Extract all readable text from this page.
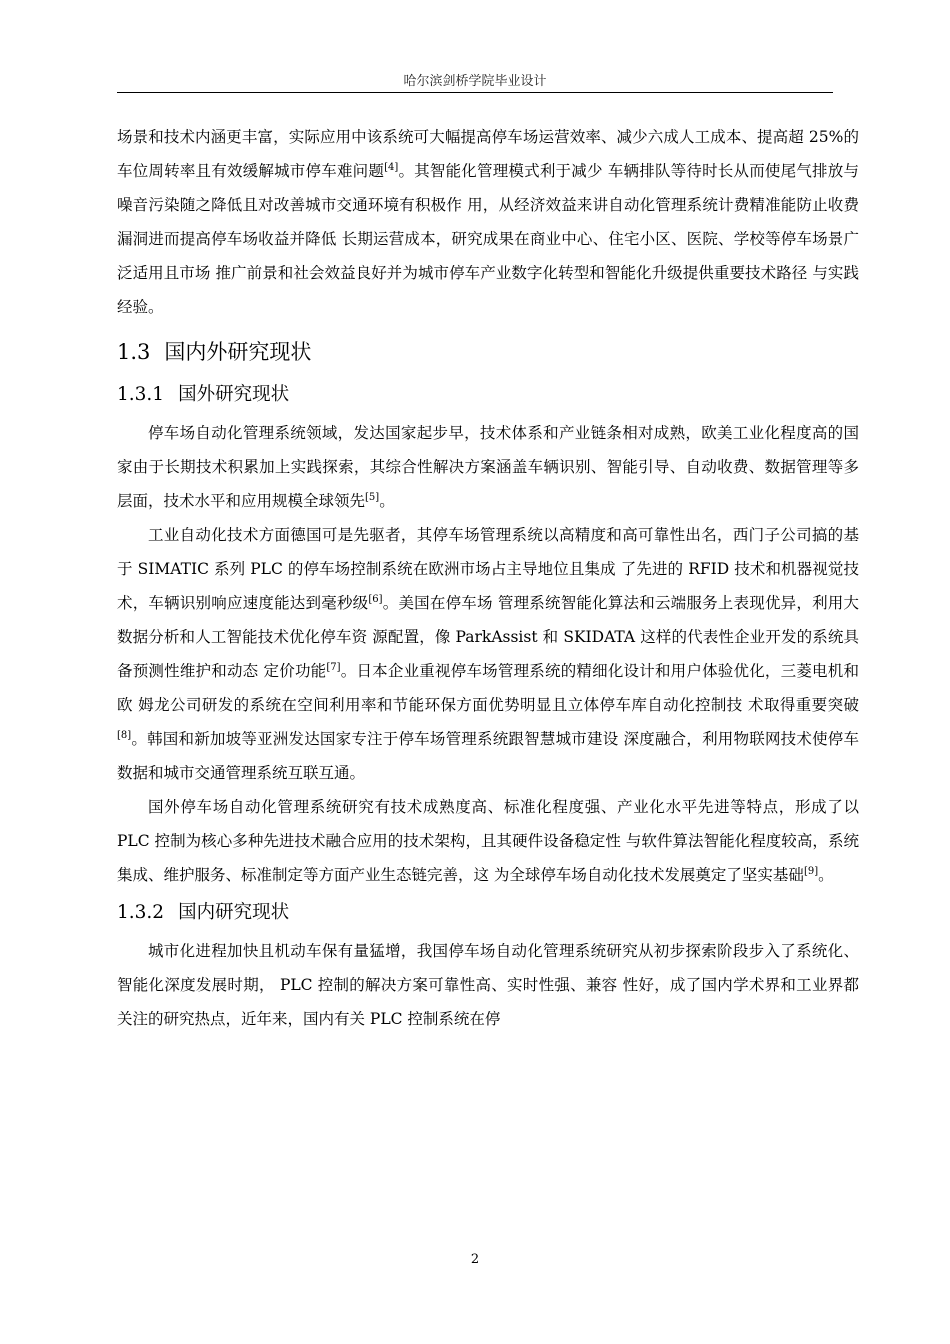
哈尔滨剑桥学院毕业设计

场景和技术内涵更丰富，实际应用中该系统可大幅提高停车场运营效率、减少六成人工成本、提高超 25%的车位周转率且有效缓解城市停车难问题[4]。其智能化管理模式利于减少 车辆排队等待时长从而使尾气排放与噪音污染随之降低且对改善城市交通环境有积极作 用，从经济效益来讲自动化管理系统计费精准能防止收费漏洞进而提高停车场收益并降低 长期运营成本，研究成果在商业中心、住宅小区、医院、学校等停车场景广泛适用且市场 推广前景和社会效益良好并为城市停车产业数字化转型和智能化升级提供重要技术路径 与实践经验。

1.3 国内外研究现状
1.3.1 国外研究现状

停车场自动化管理系统领域，发达国家起步早，技术体系和产业链条相对成熟，欧美工业化程度高的国家由于长期技术积累加上实践探索，其综合性解决方案涵盖车辆识别、智能引导、自动收费、数据管理等多层面，技术水平和应用规模全球领先[5]。

工业自动化技术方面德国可是先驱者，其停车场管理系统以高精度和高可靠性出名，西门子公司搞的基于 SIMATIC 系列 PLC 的停车场控制系统在欧洲市场占主导地位且集成 了先进的 RFID 技术和机器视觉技术，车辆识别响应速度能达到毫秒级[6]。美国在停车场 管理系统智能化算法和云端服务上表现优异，利用大数据分析和人工智能技术优化停车资 源配置，像 ParkAssist 和 SKIDATA 这样的代表性企业开发的系统具备预测性维护和动态 定价功能[7]。日本企业重视停车场管理系统的精细化设计和用户体验优化，三菱电机和欧 姆龙公司研发的系统在空间利用率和节能环保方面优势明显且立体停车库自动化控制技 术取得重要突破[8]。韩国和新加坡等亚洲发达国家专注于停车场管理系统跟智慧城市建设 深度融合，利用物联网技术使停车数据和城市交通管理系统互联互通。

国外停车场自动化管理系统研究有技术成熟度高、标准化程度强、产业化水平先进等特点，形成了以 PLC 控制为核心多种先进技术融合应用的技术架构，且其硬件设备稳定性 与软件算法智能化程度较高，系统集成、维护服务、标准制定等方面产业生态链完善，这 为全球停车场自动化技术发展奠定了坚实基础[9]。

1.3.2 国内研究现状

城市化进程加快且机动车保有量猛增，我国停车场自动化管理系统研究从初步探索阶段步入了系统化、智能化深度发展时期， PLC 控制的解决方案可靠性高、实时性强、兼容 性好，成了国内学术界和工业界都关注的研究热点，近年来，国内有关 PLC 控制系统在停

2
